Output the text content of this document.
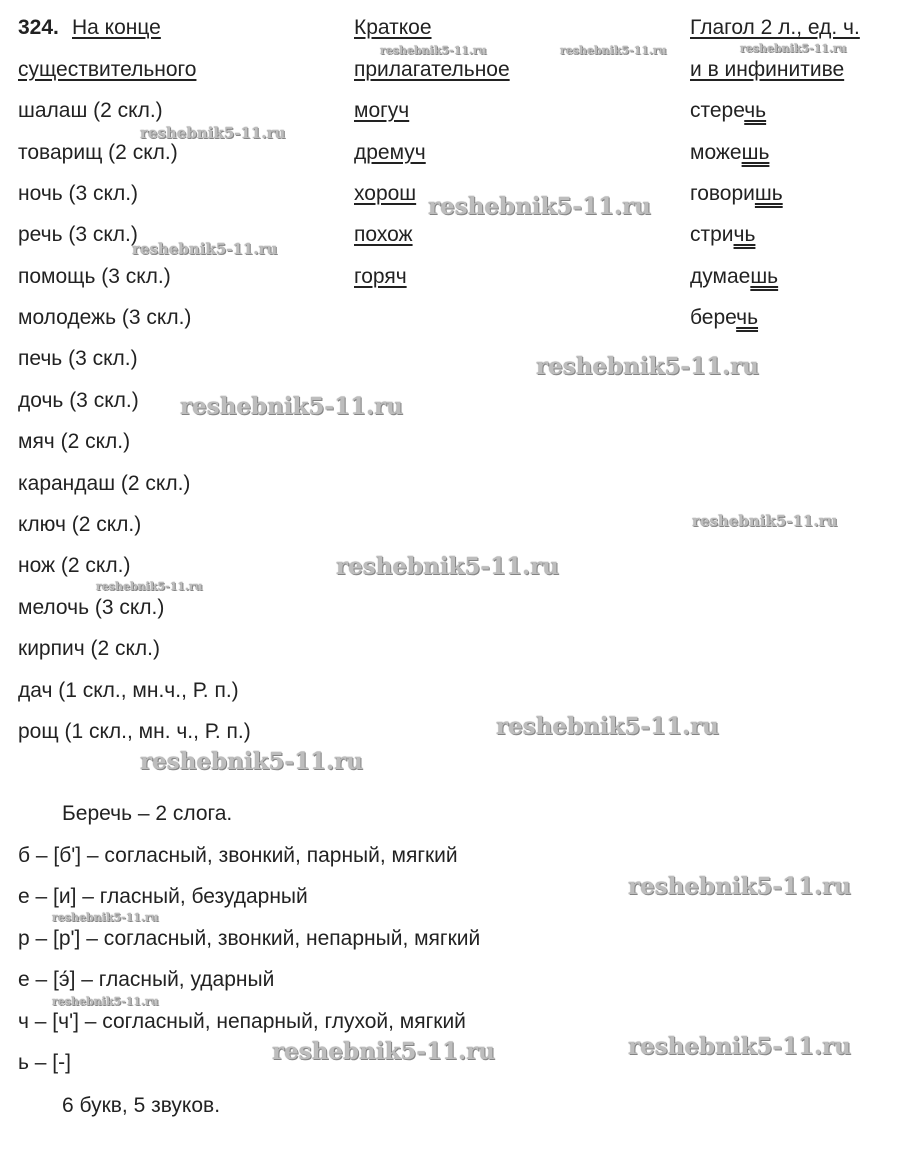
324. На конце
существительного
Краткое
прилагательное
Глагол 2 л., ед. ч.
и в инфинитиве
шалаш (2 скл.)
товарищ (2 скл.)
ночь (3 скл.)
речь (3 скл.)
помощь (3 скл.)
молодежь (3 скл.)
печь (3 скл.)
дочь (3 скл.)
мяч (2 скл.)
карандаш (2 скл.)
ключ (2 скл.)
нож (2 скл.)
мелочь (3 скл.)
кирпич (2 скл.)
дач (1 скл., мн.ч., Р. п.)
рощ (1 скл., мн. ч., Р. п.)
могуч
дремуч
хорош
похож
горяч
стеречь
можешь
говоришь
стричь
думаешь
беречь
Беречь – 2 слога.
б – [б'] – согласный, звонкий, парный, мягкий
е – [и] – гласный, безударный
р – [р'] – согласный, звонкий, непарный, мягкий
е – [э́] – гласный, ударный
ч – [ч'] – согласный, непарный, глухой, мягкий
ь – [-]
6 букв, 5 звуков.
reshebnik5-11.ru	reshebnik5-11.ru	reshebnik5-11.ru
reshebnik5-11.ru
reshebnik5-11.ru
reshebnik5-11.ru
reshebnik5-11.ru
reshebnik5-11.ru
reshebnik5-11.ru
reshebnik5-11.ru
reshebnik5-11.ru
reshebnik5-11.ru
reshebnik5-11.ru
reshebnik5-11.ru
reshebnik5-11.ru
reshebnik5-11.ru
reshebnik5-11.ru
reshebnik5-11.ru
